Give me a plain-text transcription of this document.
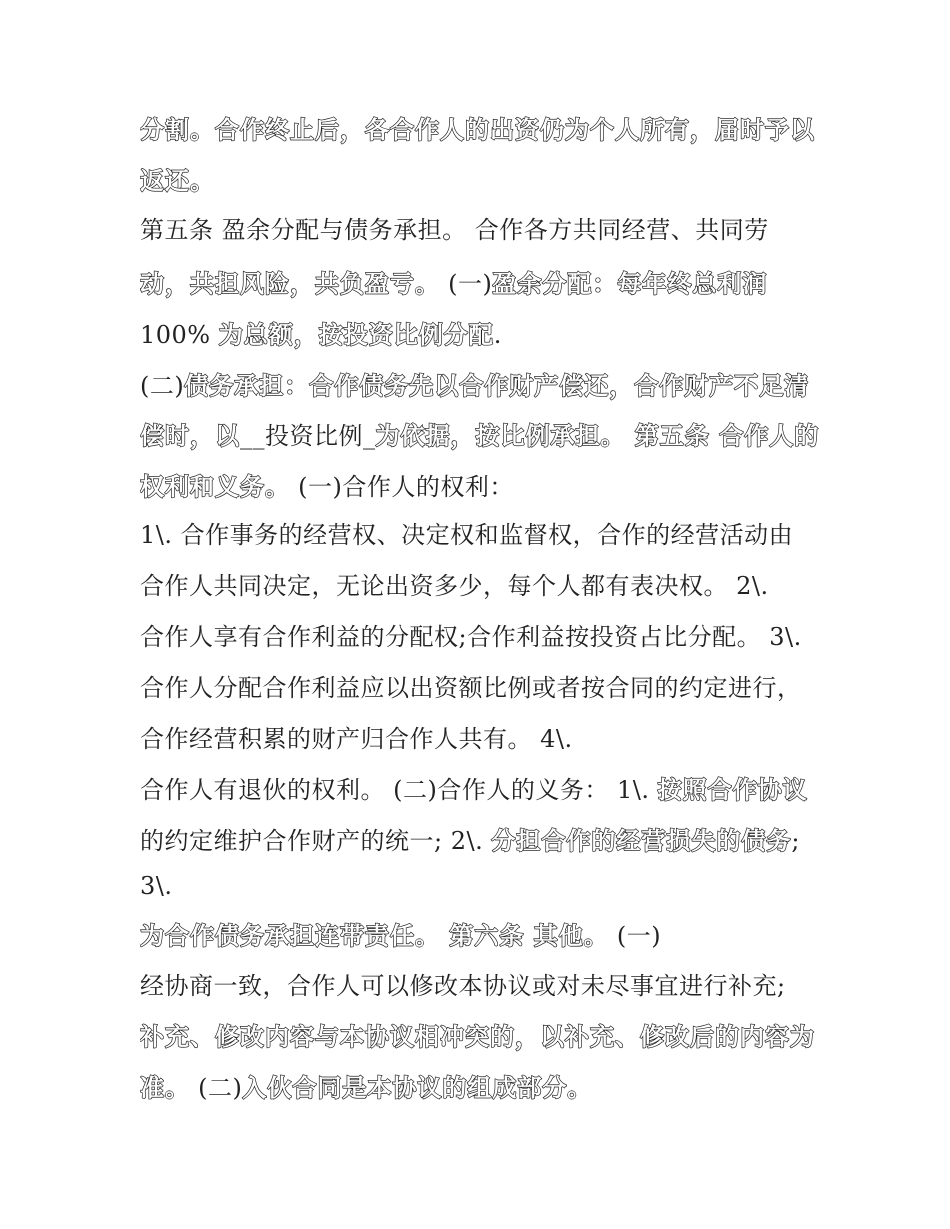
分割。合作终止后，各合作人的出资仍为个人所有，届时予以
返还。
第五条 盈余分配与债务承担。 合作各方共同经营、共同劳
动，共担风险，共负盈亏。 (一)盈余分配：每年终总利润
100% 为总额，按投资比例分配.
(二)债务承担：合作债务先以合作财产偿还，合作财产不足清
偿时，以__投资比例_为依据，按比例承担。 第五条 合作人的
权利和义务。 (一)合作人的权利：
1\. 合作事务的经营权、决定权和监督权，合作的经营活动由
合作人共同决定，无论出资多少，每个人都有表决权。 2\.
合作人享有合作利益的分配权;合作利益按投资占比分配。 3\.
合作人分配合作利益应以出资额比例或者按合同的约定进行，
合作经营积累的财产归合作人共有。 4\.
合作人有退伙的权利。 (二)合作人的义务： 1\. 按照合作协议
的约定维护合作财产的统一; 2\. 分担合作的经营损失的债务;
3\.
为合作债务承担连带责任。 第六条 其他。 (一)
经协商一致，合作人可以修改本协议或对未尽事宜进行补充;
补充、修改内容与本协议相冲突的，以补充、修改后的内容为
准。 (二)入伙合同是本协议的组成部分。
